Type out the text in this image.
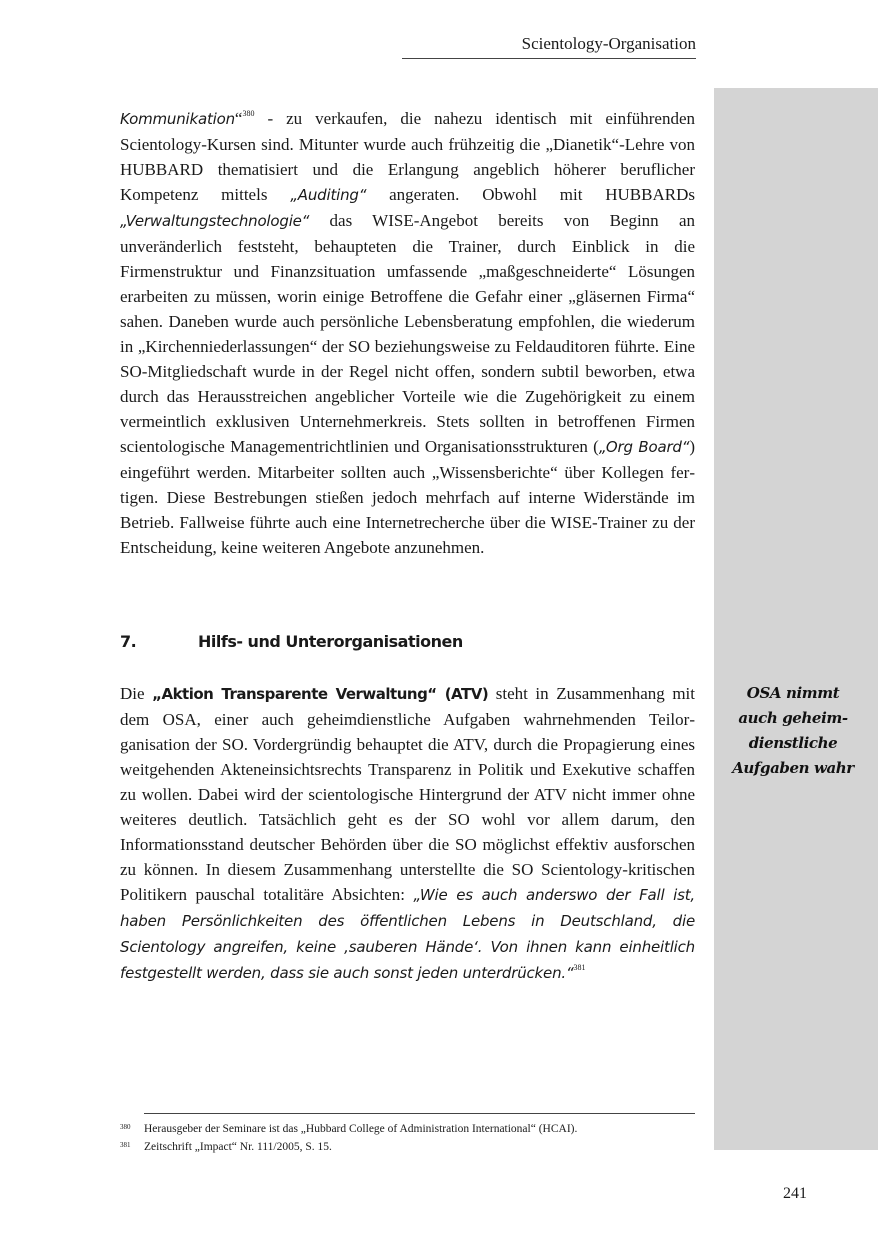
Scientology-Organisation

Kommunikation“$^{380}$ - zu verkaufen, die nahezu identisch mit einführenden Scientology-Kursen sind. Mitunter wurde auch frühzeitig die „Dianetik“-Lehre von HUBBARD thematisiert und die Erlangung angeblich höherer beruflicher Kompetenz mittels „Auditing“ angeraten. Obwohl mit HUBBARDs „Verwaltungstechnologie“ das WISE-Angebot bereits von Beginn an unveränderlich feststeht, behaupteten die Trainer, durch Einblick in die Firmenstruktur und Finanzsituation umfassende „maßgeschneiderte“ Lösungen erarbeiten zu müssen, worin einige Betroffene die Gefahr einer „gläsernen Firma“ sahen. Daneben wurde auch persönliche Lebensberatung empfohlen, die wiederum in „Kirchenniederlassungen“ der SO beziehungsweise zu Feldauditoren führte. Eine SO-Mitgliedschaft wurde in der Regel nicht offen, sondern subtil beworben, etwa durch das Herausstreichen angeblicher Vorteile wie die Zugehörigkeit zu einem vermeintlich exklusiven Unternehmerkreis. Stets sollten in betroffenen Firmen scientologische Managementrichtlinien und Organisationsstrukturen („Org Board“) eingeführt werden. Mitarbeiter sollten auch „Wissensberichte“ über Kollegen fertigen. Diese Bestrebungen stießen jedoch mehrfach auf interne Widerstände im Betrieb. Fallweise führte auch eine Internetrecherche über die WISE-Trainer zu der Entscheidung, keine weiteren Angebote anzunehmen.

7.	Hilfs- und Unterorganisationen

Die „Aktion Transparente Verwaltung“ (ATV) steht in Zusammenhang mit dem OSA, einer auch geheimdienstliche Aufgaben wahrnehmenden Teilorganisation der SO. Vordergründig behauptet die ATV, durch die Propagierung eines weitgehenden Akteneinsichtsrechts Transparenz in Politik und Exekutive schaffen zu wollen. Dabei wird der scientologische Hintergrund der ATV nicht immer ohne weiteres deutlich. Tatsächlich geht es der SO wohl vor allem darum, den Informationsstand deutscher Behörden über die SO möglichst effektiv ausforschen zu können. In diesem Zusammenhang unterstellte die SO Scientology-kritischen Politikern pauschal totalitäre Absichten: „Wie es auch anderswo der Fall ist, haben Persönlichkeiten des öffentlichen Lebens in Deutschland, die Scientology angreifen, keine ‚sauberen Hände‘. Von ihnen kann einheitlich festgestellt werden, dass sie auch sonst jeden unterdrücken.“$^{381}$

OSA nimmt
auch geheim-
dienstliche
Aufgaben wahr
380 Herausgeber der Seminare ist das „Hubbard College of Administration International“ (HCAI).
381 Zeitschrift „Impact“ Nr. 111/2005, S. 15.
241
